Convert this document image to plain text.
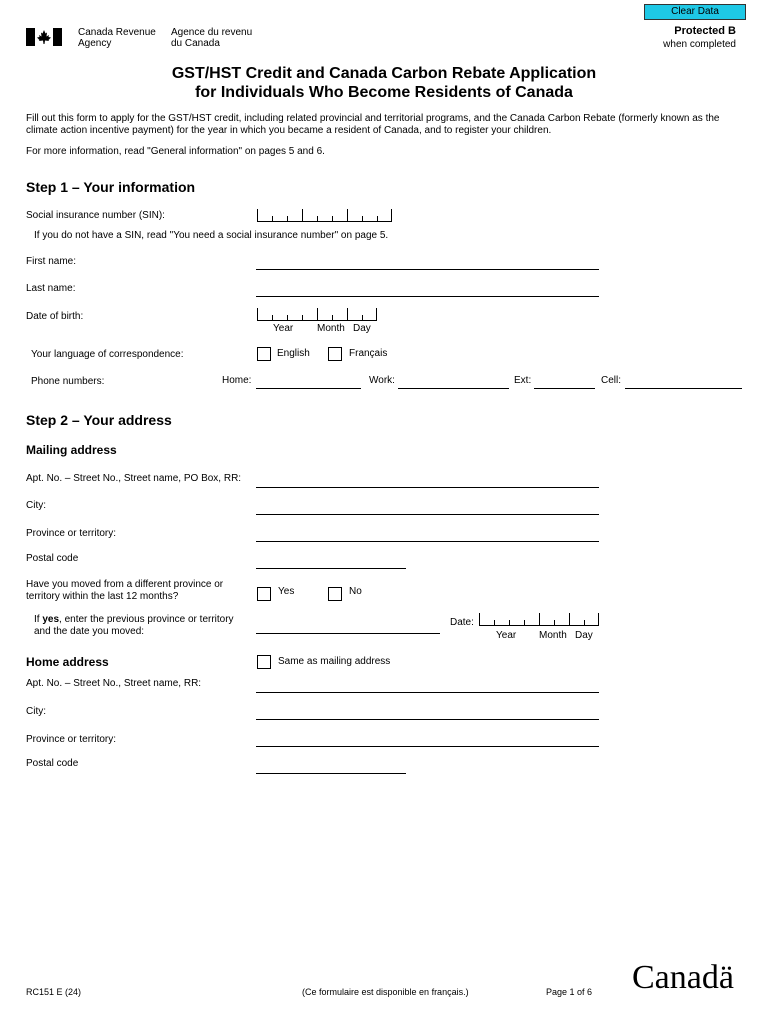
Clear Data
Canada Revenue
Agency
Agence du revenu
du Canada
Protected B
when completed
GST/HST Credit and Canada Carbon Rebate Application
for Individuals Who Become Residents of Canada
Fill out this form to apply for the GST/HST credit, including related provincial and territorial programs, and the Canada Carbon Rebate (formerly known as the climate action incentive payment) for the year in which you became a resident of Canada, and to register your children.
For more information, read "General information" on pages 5 and 6.
Step 1 – Your information
Social insurance number (SIN):
If you do not have a SIN, read "You need a social insurance number" on page 5.
First name:
Last name:
Date of birth:
Year Month Day
Your language of correspondence:	English	Français
Phone numbers:	Home:	Work:	Ext:	Cell:
Step 2 – Your address
Mailing address
Apt. No. – Street No., Street name, PO Box, RR:
City:
Province or territory:
Postal code
Have you moved from a different province or
territory within the last 12 months?	Yes	No
If yes, enter the previous province or territory
and the date you moved:
Date:
Year Month Day
Home address	Same as mailing address
Apt. No. – Street No., Street name, RR:
City:
Province or territory:
Postal code
RC151 E (24)	(Ce formulaire est disponible en français.)	Page 1 of 6 Canadä
